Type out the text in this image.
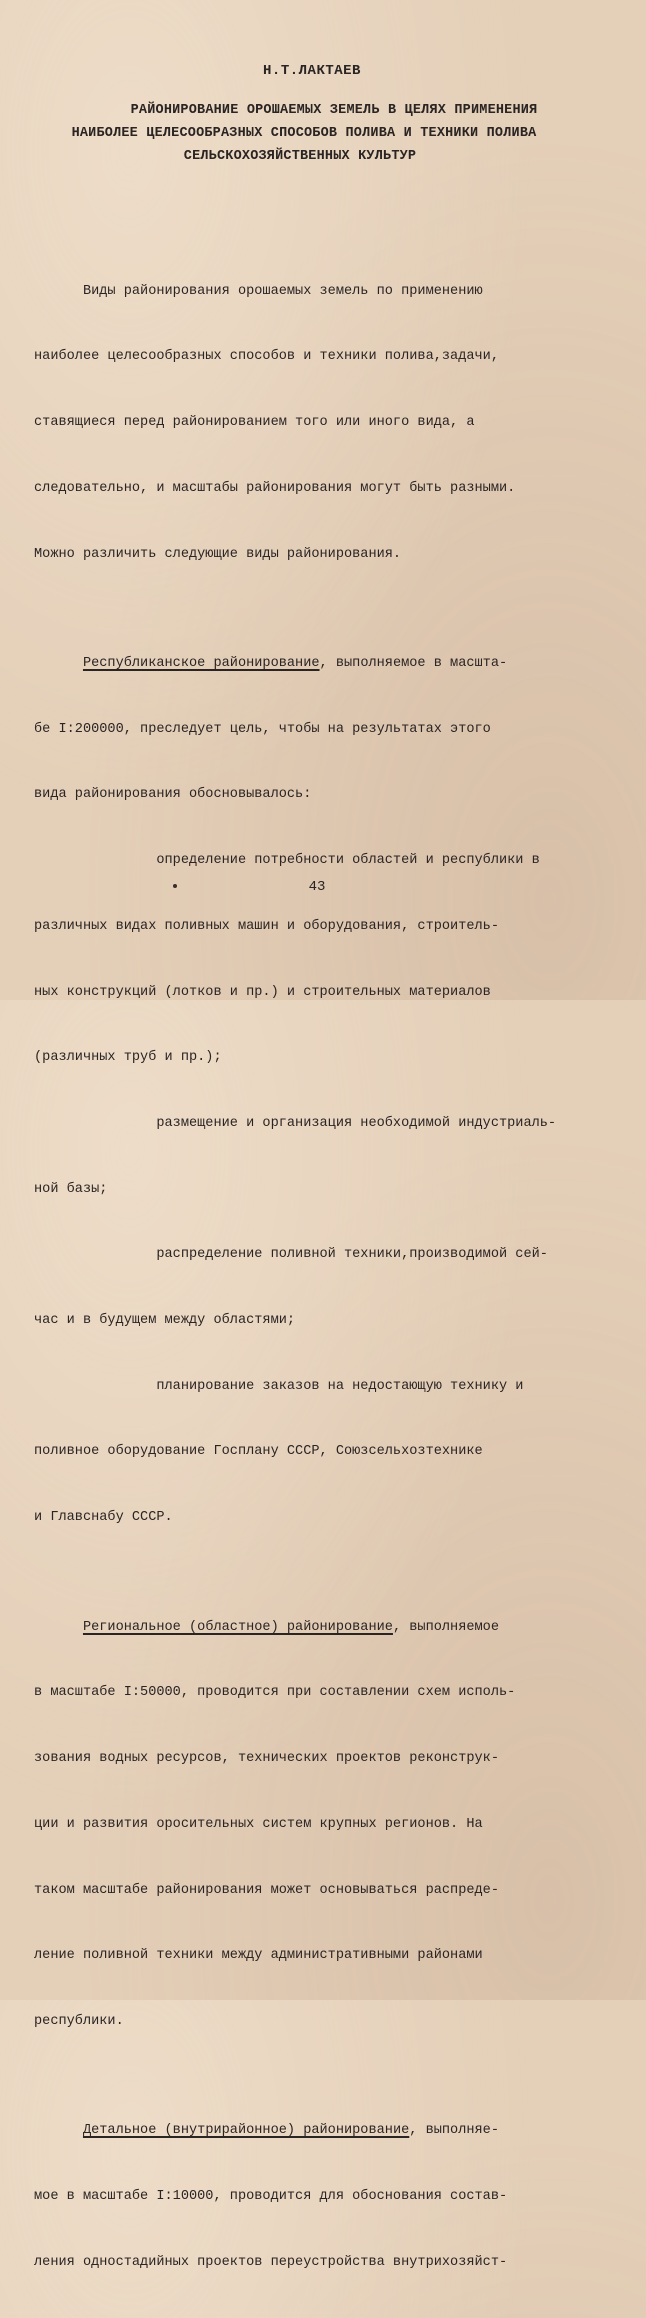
Н.Т.ЛАКТАЕВ
РАЙОНИРОВАНИЕ ОРОШАЕМЫХ ЗЕМЕЛЬ В ЦЕЛЯХ ПРИМЕНЕНИЯ
НАИБОЛЕЕ ЦЕЛЕСООБРАЗНЫХ СПОСОБОВ ПОЛИВА И ТЕХНИКИ ПОЛИВА
СЕЛЬСКОХОЗЯЙСТВЕННЫХ КУЛЬТУР

Виды районирования орошаемых земель по применению

наиболее целесообразных способов и техники полива,задачи,

ставящиеся перед районированием того или иного вида, а

следовательно, и масштабы районирования могут быть разными.

Можно различить следующие виды районирования.

Республиканское районирование, выполняемое в масшта-

бе I:200000, преследует цель, чтобы на результатах этого

вида районирования обосновывалось:

определение потребности областей и республики в

различных видах поливных машин и оборудования, строитель-

ных конструкций (лотков и пр.) и строительных материалов

(различных труб и пр.);

размещение и организация необходимой индустриаль-

ной базы;

распределение поливной техники,производимой сей-

час и в будущем между областями;

планирование заказов на недостающую технику и

поливное оборудование Госплану СССР, Союзсельхозтехнике

и Главснабу СССР.

Региональное (областное) районирование, выполняемое

в масштабе I:50000, проводится при составлении схем исполь-

зования водных ресурсов, технических проектов реконструк-

ции и развития оросительных систем крупных регионов. На

таком масштабе районирования может основываться распреде-

ление поливной техники между административными районами

республики.

Детальное (внутрирайонное) районирование, выполняе-

мое в масштабе I:10000, проводится для обоснования состав-

ления одностадийных проектов переустройства внутрихозяйст-

43
